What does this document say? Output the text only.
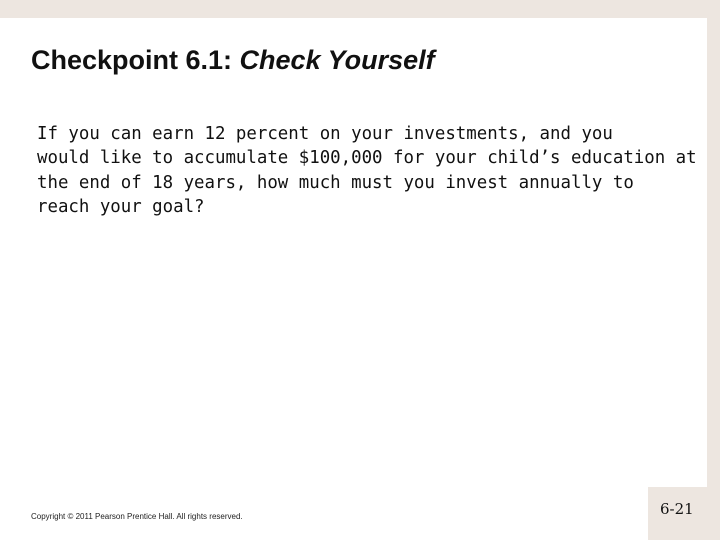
Checkpoint 6.1: Check Yourself
If you can earn 12 percent on your investments, and you
would like to accumulate $100,000 for your child’s education at
the end of 18 years, how much must you invest annually to
reach your goal?
Copyright © 2011 Pearson Prentice Hall. All rights reserved.	6-21
